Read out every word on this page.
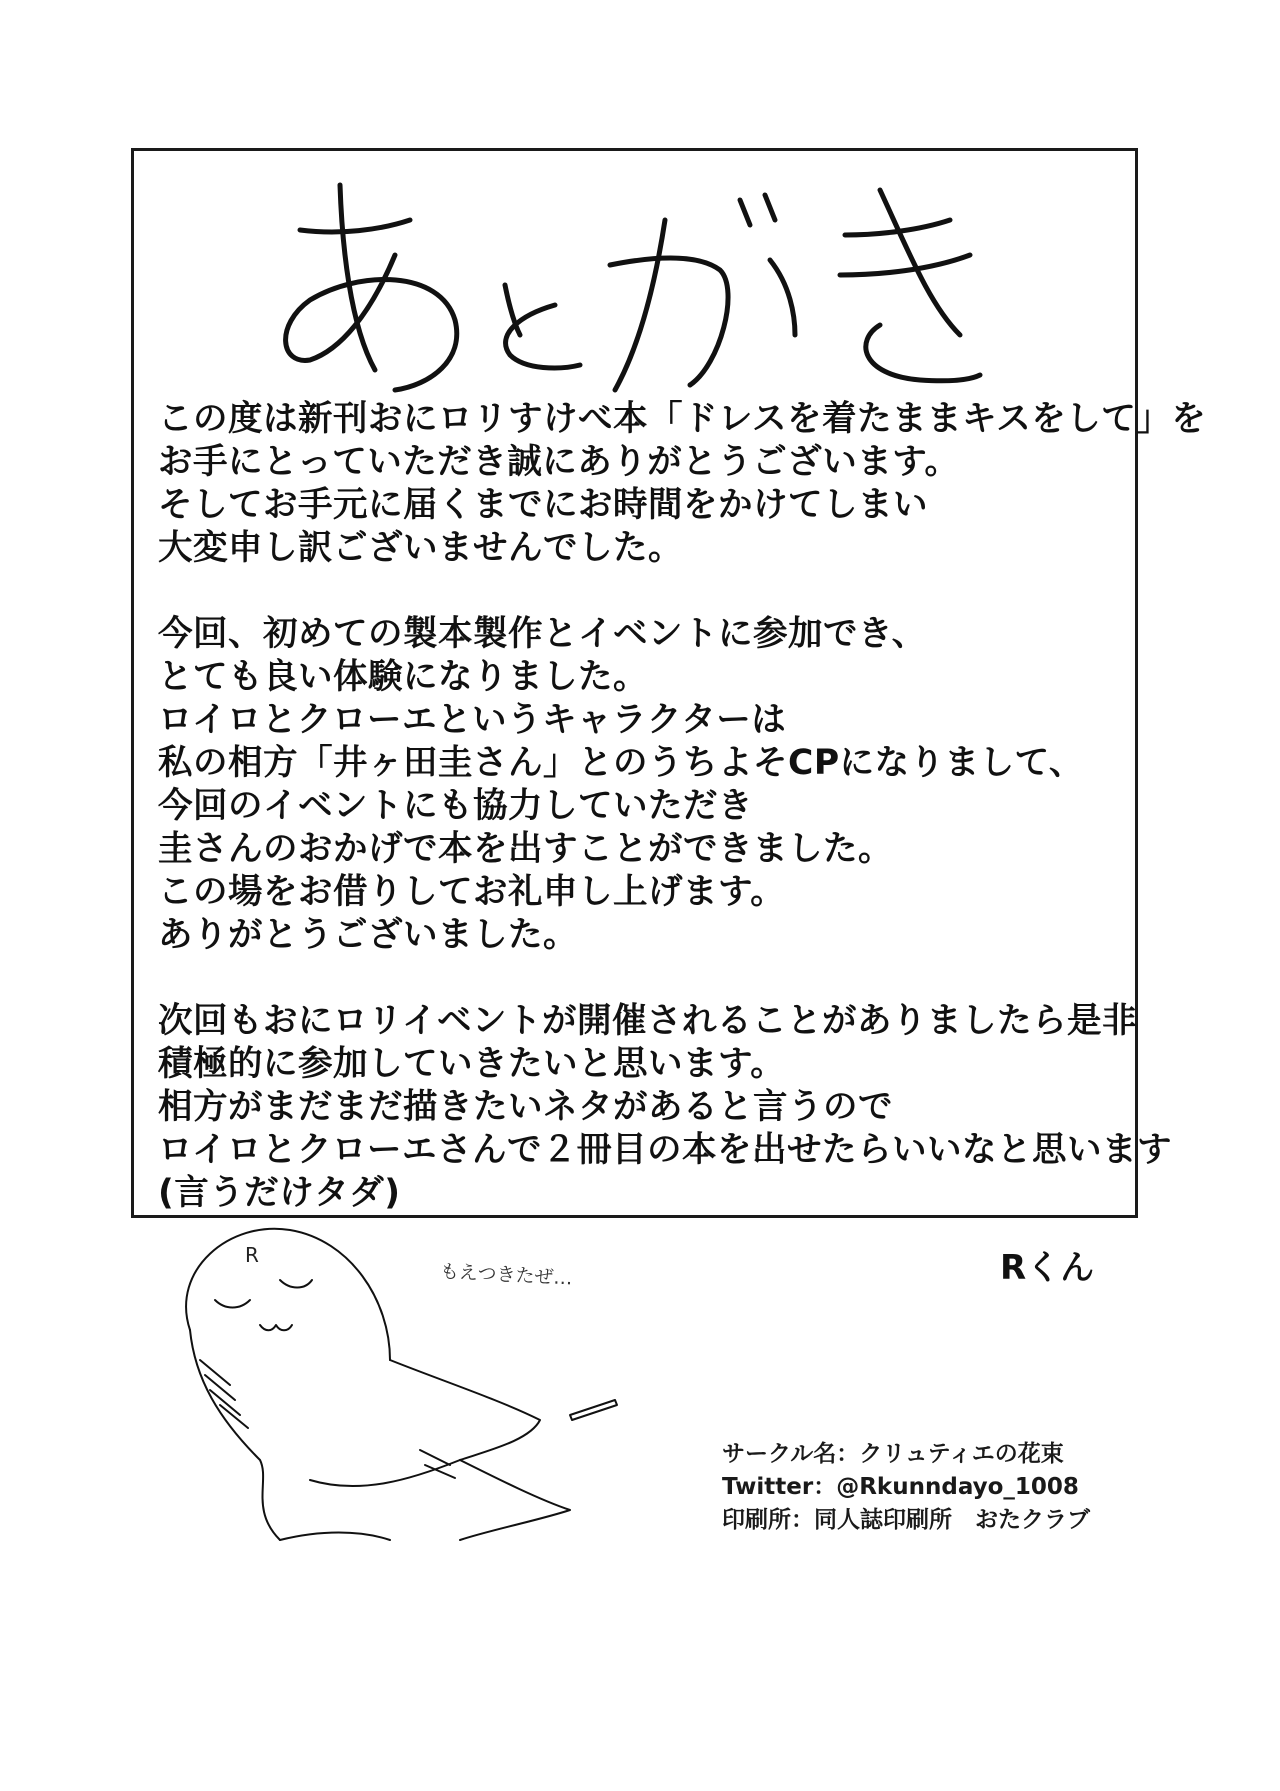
この度は新刊おにロリすけべ本「ドレスを着たままキスをして」を
お手にとっていただき誠にありがとうございます。
そしてお手元に届くまでにお時間をかけてしまい
大変申し訳ございませんでした。
今回、初めての製本製作とイベントに参加でき、
とても良い体験になりました。
ロイロとクローエというキャラクターは
私の相方「井ヶ田圭さん」とのうちよそCPになりまして、
今回のイベントにも協力していただき
圭さんのおかげで本を出すことができました。
この場をお借りしてお礼申し上げます。
ありがとうございました。
次回もおにロリイベントが開催されることがありましたら是非
積極的に参加していきたいと思います。
相方がまだまだ描きたいネタがあると言うので
ロイロとクローエさんで２冊目の本を出せたらいいなと思います
(言うだけタダ)
Rくん
R
もえつきたぜ…
サークル名：クリュティエの花束
Twitter：@Rkunndayo_1008
印刷所：同人誌印刷所　おたクラブ
